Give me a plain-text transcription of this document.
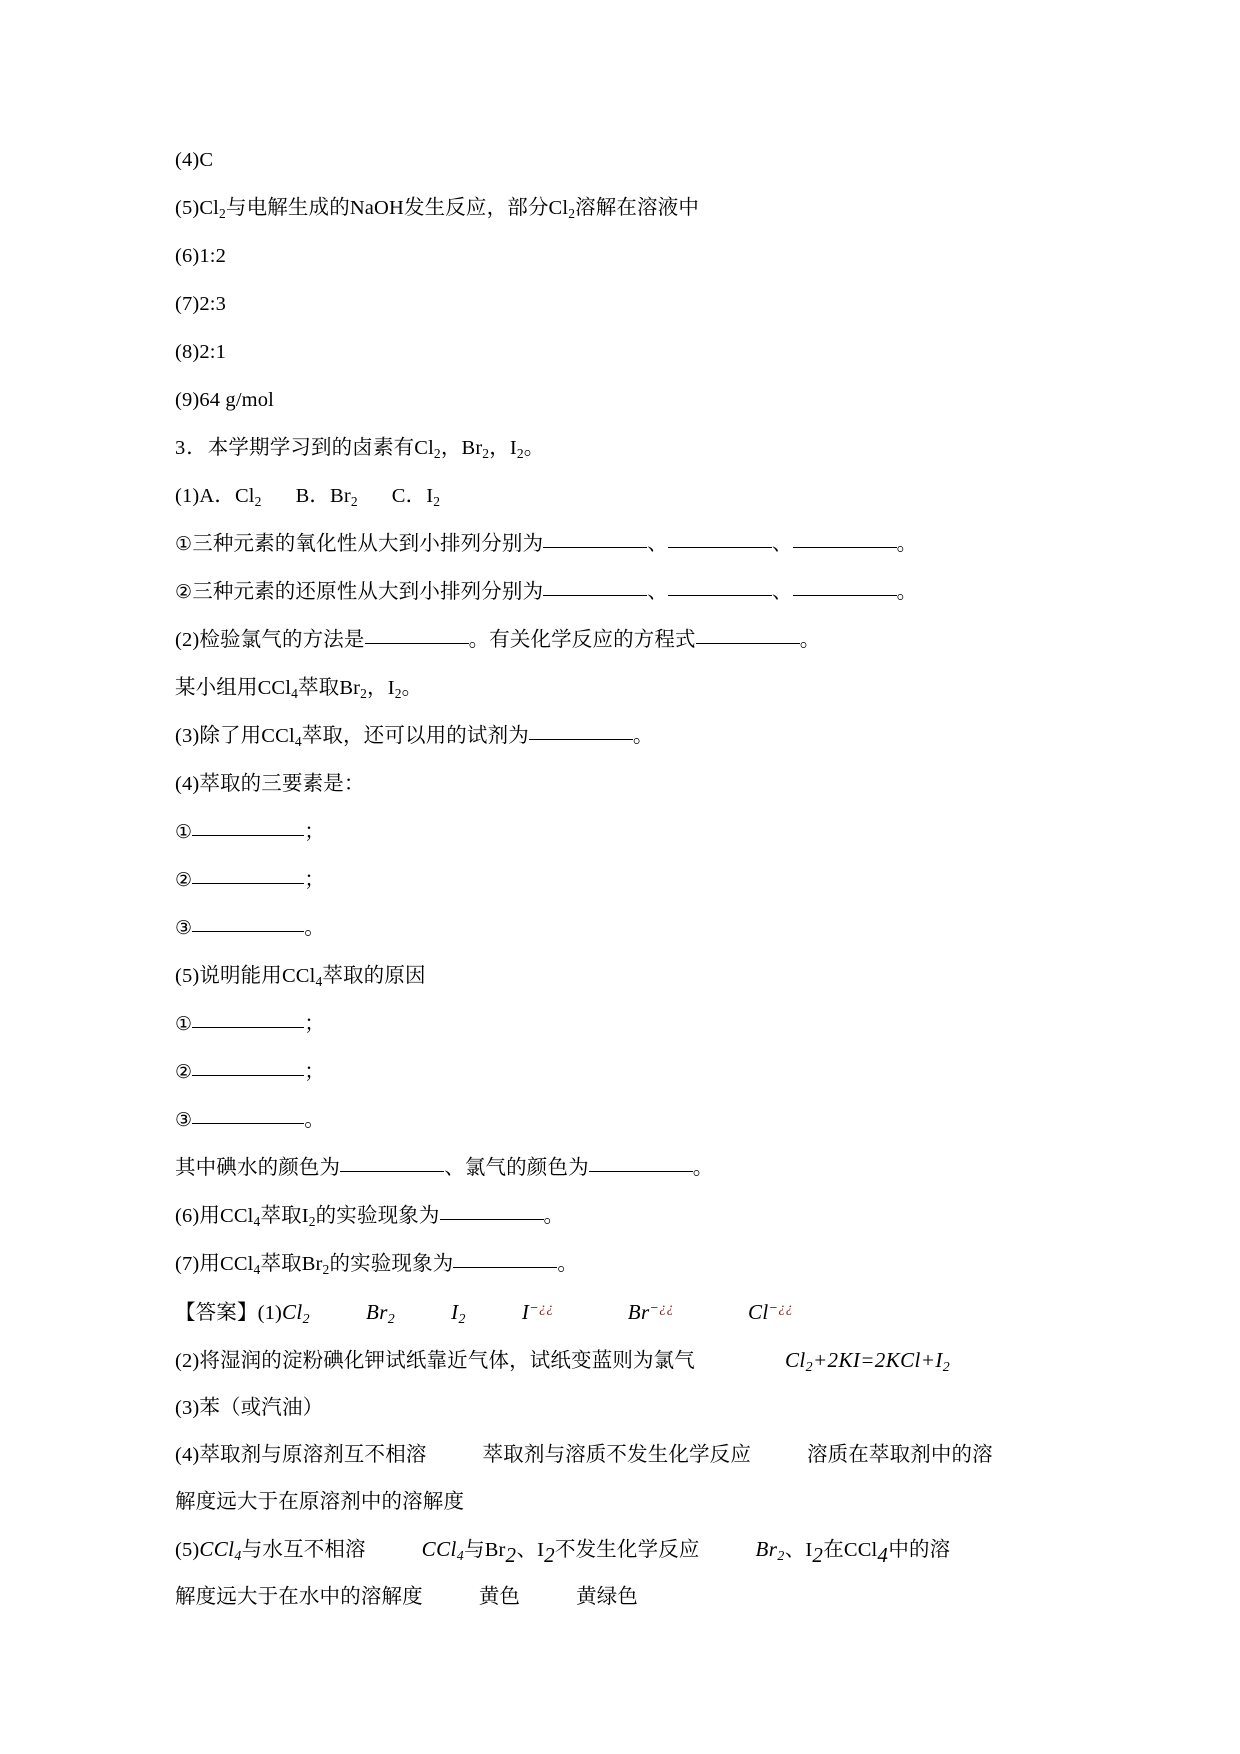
(4)C
$(5)Cl_2$与电解生成的NaOH发生反应，部分$Cl_2$溶解在溶液中
(6)1:2
(7)2:3
(8)2:1
(9)64 g/mol
3．本学期学习到的卤素有$Cl_2$，$Br_2$，$I_2$。
(1)A．$Cl_2$ B．$Br_2$ C．$I_2$
①三种元素的氧化性从大到小排列分别为	、	、	。
②三种元素的还原性从大到小排列分别为	、	、	。
(2)检验氯气的方法是	。有关化学反应的方程式	。
某小组用CCl$_4$萃取$Br_2$，$I_2$。
(3)除了用CCl$_4$萃取，还可以用的试剂为	。
(4)萃取的三要素是：
①	；
②	；
③	。
(5)说明能用CCl$_4$萃取的原因
①	；
②	；
③	。
其中碘水的颜色为	、氯气的颜色为	。
(6)用CCl$_4$萃取$I_2$的实验现象为	。
(7)用CCl$_4$萃取$Br_2$的实验现象为	。
【答案】$(1)Cl_2$	$Br_2$	$I_2$	I−¿¿	Br−¿¿	Cl−¿¿
(2)将湿润的淀粉碘化钾试纸靠近气体，试纸变蓝则为氯气	$Cl_2+2KI=2KCl+I_2$
(3)苯（或汽油）
(4)萃取剂与原溶剂互不相溶	萃取剂与溶质不发生化学反应	溶质在萃取剂中的溶
解度远大于在原溶剂中的溶解度
(5)CCl$_4$与水互不相溶	CCl$_4$与$Br_2$、$I_2$不发生化学反应	$Br_2$、$I_2$在CCl$_4$中的溶
解度远大于在水中的溶解度	黄色	黄绿色
